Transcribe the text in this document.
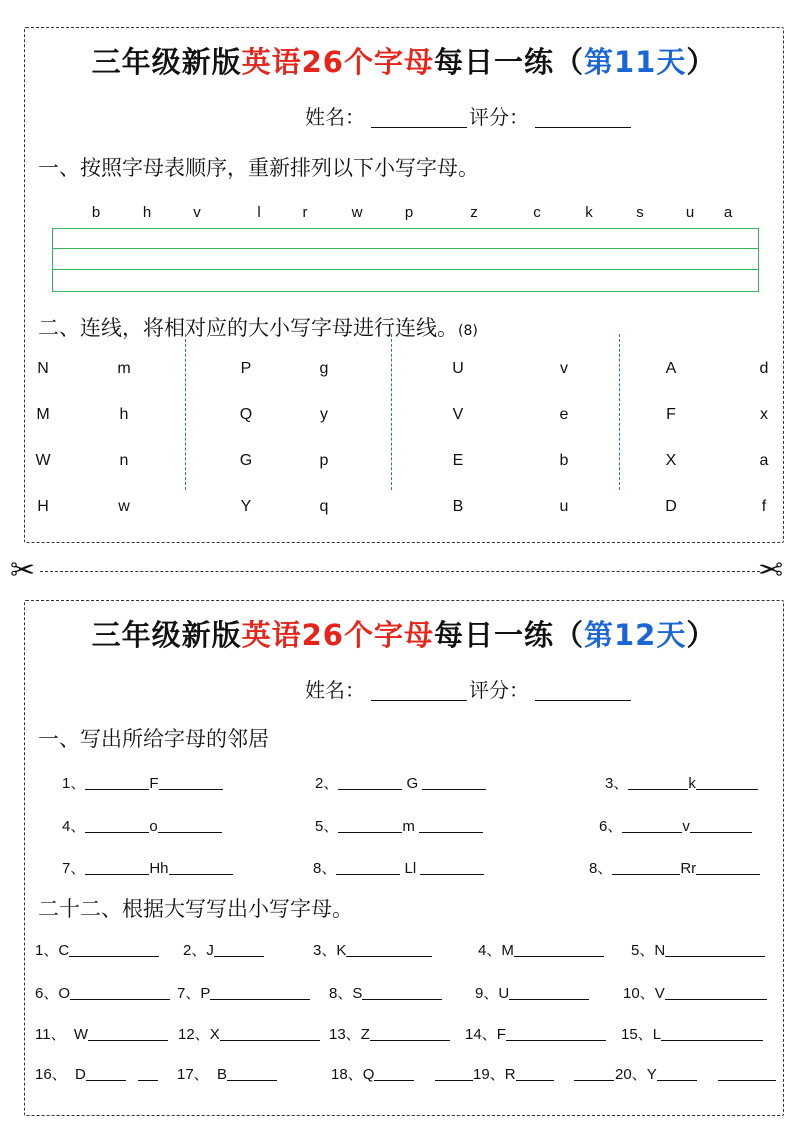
三年级新版英语26个字母每日一练（第11天）
姓名：	评分：
一、按照字母表顺序，重新排列以下小写字母。
b	h	v	l	r	w	p	z	c	k	s	u a
二、连线，将相对应的大小写字母进行连线。(8)
N	m	P	g	U	v	A	d
M	h	Q	y	V	e	F	x
W	n	G	p	E	b	X	a
H	w	Y	q	B	u	D	f
✂	✂
三年级新版英语26个字母每日一练（第12天）
姓名：	评分：
一、写出所给字母的邻居
1、	F	2、	G	3、	k
4、	o	5、	m	6、	v
7、	Hh	8、	Ll	8、	Rr
二十二、根据大写写出小写字母。
1、C	2、J	3、K	4、M	5、N
6、O	7、P	8、S	9、U	10、V
11、 W	12、X	13、Z	14、F	15、L
16、 D	17、 B	18、Q	19、R	20、Y
